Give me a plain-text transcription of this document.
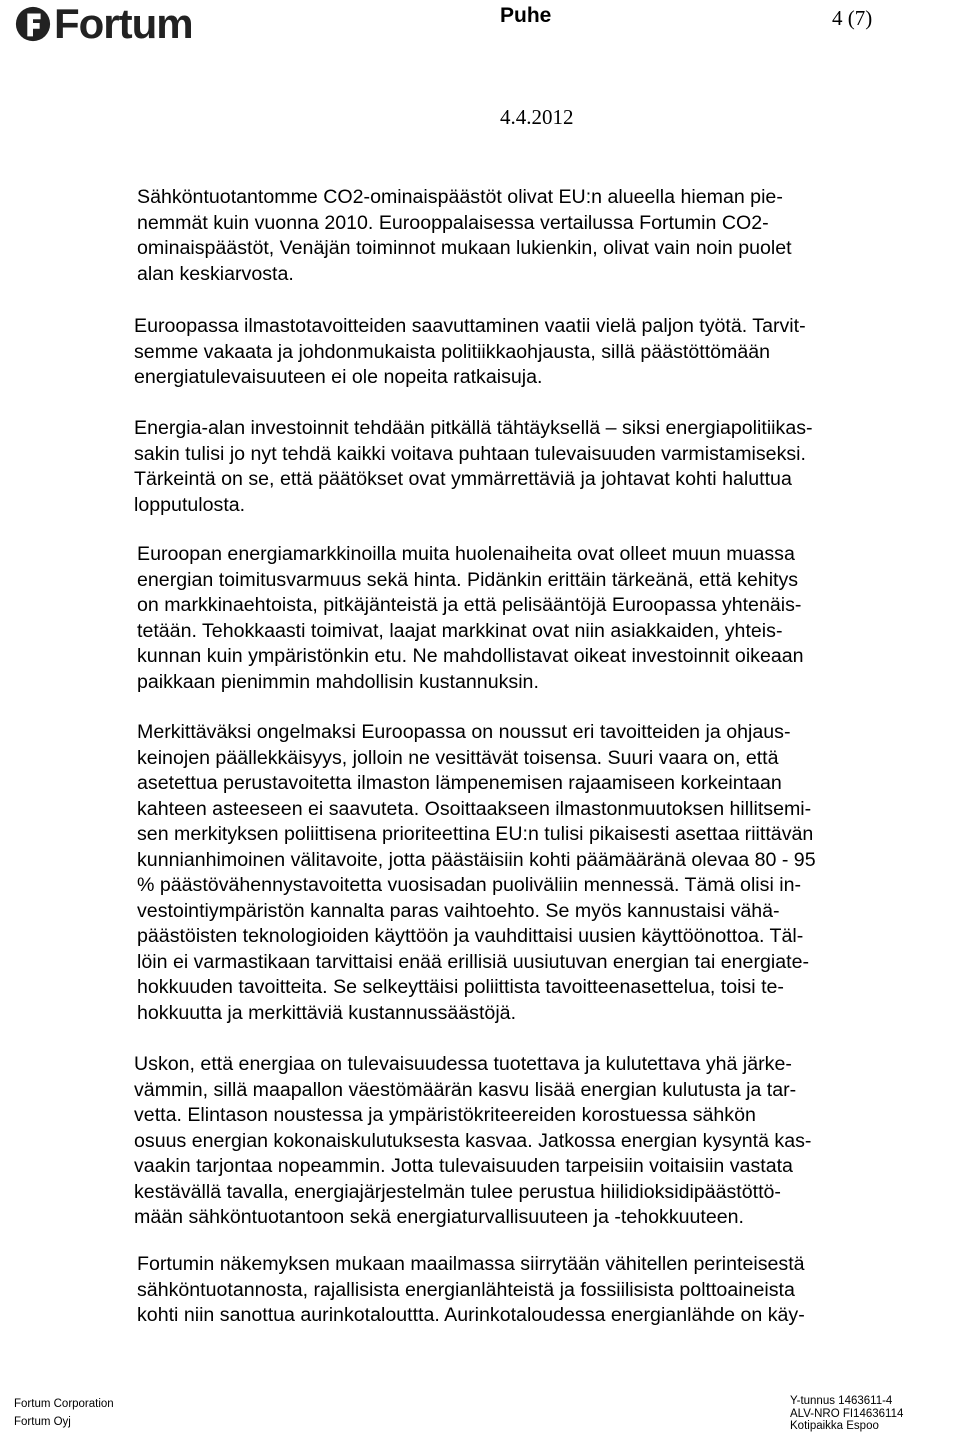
Fortum	Puhe	4 (7)
4.4.2012

Sähköntuotantomme CO2-ominaispäästöt olivat EU:n alueella hieman pie-
nemmät kuin vuonna 2010. Eurooppalaisessa vertailussa Fortumin CO2-
ominaispäästöt, Venäjän toiminnot mukaan lukienkin, olivat vain noin puolet
alan keskiarvosta.

Euroopassa ilmastotavoitteiden saavuttaminen vaatii vielä paljon työtä. Tarvit-
semme vakaata ja johdonmukaista politiikkaohjausta, sillä päästöttömään
energiatulevaisuuteen ei ole nopeita ratkaisuja.

Energia-alan investoinnit tehdään pitkällä tähtäyksellä – siksi energiapolitiikas-
sakin tulisi jo nyt tehdä kaikki voitava puhtaan tulevaisuuden varmistamiseksi.
Tärkeintä on se, että päätökset ovat ymmärrettäviä ja johtavat kohti haluttua
lopputulosta.

Euroopan energiamarkkinoilla muita huolenaiheita ovat olleet muun muassa
energian toimitusvarmuus sekä hinta. Pidänkin erittäin tärkeänä, että kehitys
on markkinaehtoista, pitkäjänteistä ja että pelisääntöjä Euroopassa yhtenäis-
tetään. Tehokkaasti toimivat, laajat markkinat ovat niin asiakkaiden, yhteis-
kunnan kuin ympäristönkin etu. Ne mahdollistavat oikeat investoinnit oikeaan
paikkaan pienimmin mahdollisin kustannuksin.

Merkittäväksi ongelmaksi Euroopassa on noussut eri tavoitteiden ja ohjaus-
keinojen päällekkäisyys, jolloin ne vesittävät toisensa. Suuri vaara on, että
asetettua perustavoitetta ilmaston lämpenemisen rajaamiseen korkeintaan
kahteen asteeseen ei saavuteta. Osoittaakseen ilmastonmuutoksen hillitsemi-
sen merkityksen poliittisena prioriteettina EU:n tulisi pikaisesti asettaa riittävän
kunnianhimoinen välitavoite, jotta päästäisiin kohti päämääränä olevaa 80 - 95
% päästövähennystavoitetta vuosisadan puoliväliin mennessä. Tämä olisi in-
vestointiympäristön kannalta paras vaihtoehto. Se myös kannustaisi vähä-
päästöisten teknologioiden käyttöön ja vauhdittaisi uusien käyttöönottoa. Täl-
löin ei varmastikaan tarvittaisi enää erillisiä uusiutuvan energian tai energiate-
hokkuuden tavoitteita. Se selkeyttäisi poliittista tavoitteenasettelua, toisi te-
hokkuutta ja merkittäviä kustannussäästöjä.

Uskon, että energiaa on tulevaisuudessa tuotettava ja kulutettava yhä järke-
vämmin, sillä maapallon väestömäärän kasvu lisää energian kulutusta ja tar-
vetta. Elintason noustessa ja ympäristökriteereiden korostuessa sähkön
osuus energian kokonaiskulutuksesta kasvaa. Jatkossa energian kysyntä kas-
vaakin tarjontaa nopeammin. Jotta tulevaisuuden tarpeisiin voitaisiin vastata
kestävällä tavalla, energiajärjestelmän tulee perustua hiilidioksidipäästöttö-
mään sähköntuotantoon sekä energiaturvallisuuteen ja -tehokkuuteen.

Fortumin näkemyksen mukaan maailmassa siirrytään vähitellen perinteisestä
sähköntuotannosta, rajallisista energianlähteistä ja fossiilisista polttoaineista
kohti niin sanottua aurinkotalouttta. Aurinkotaloudessa energianlähde on käy-

Fortum Corporation
Fortum Oyj
Y-tunnus 1463611-4
ALV-NRO FI14636114
Kotipaikka Espoo
